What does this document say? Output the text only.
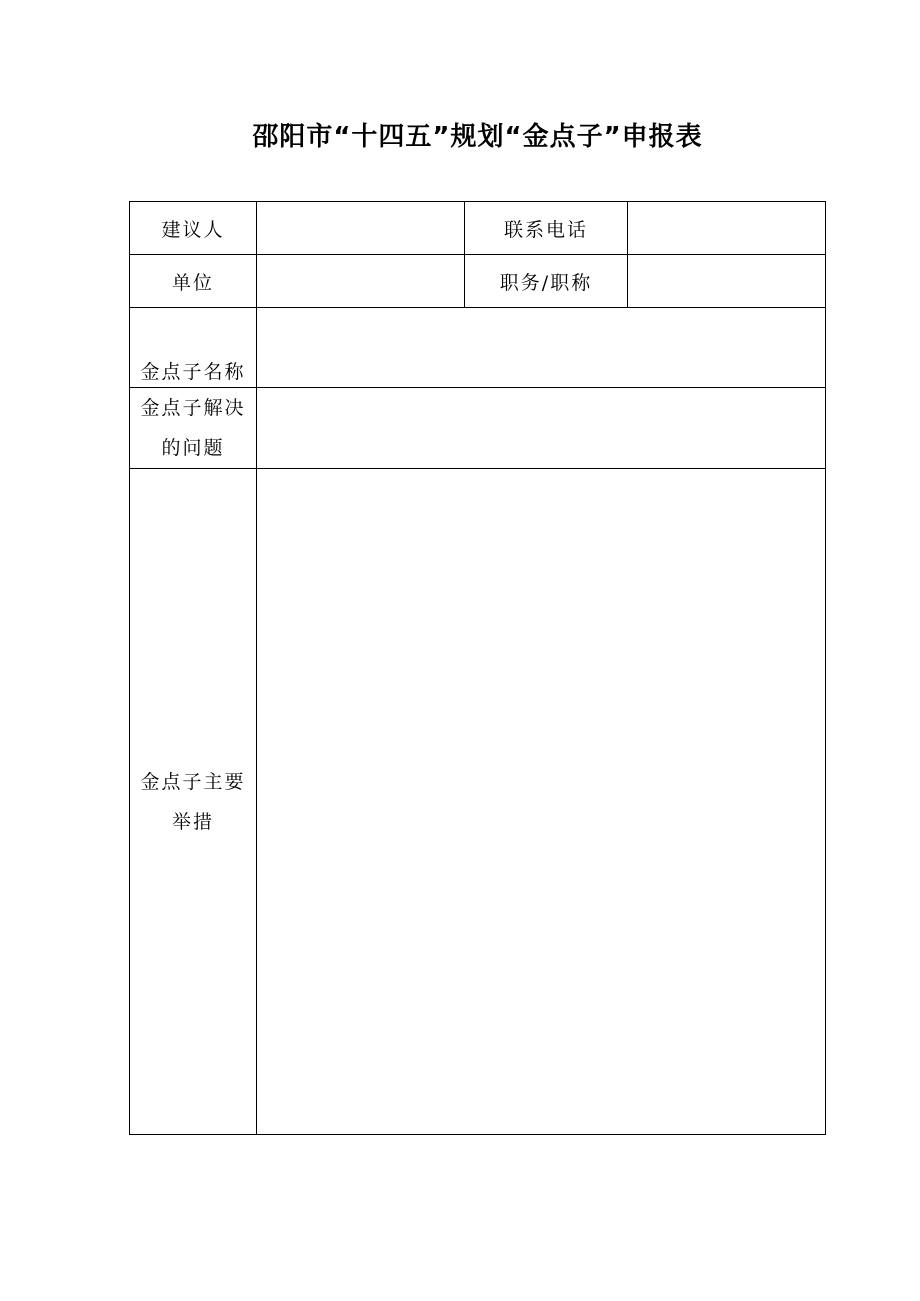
邵阳市“十四五”规划“金点子”申报表
建议人		联系电话	
单位		职务/职称	
金点子名称			

金点子解决
的问题			

金点子主要
举措			
